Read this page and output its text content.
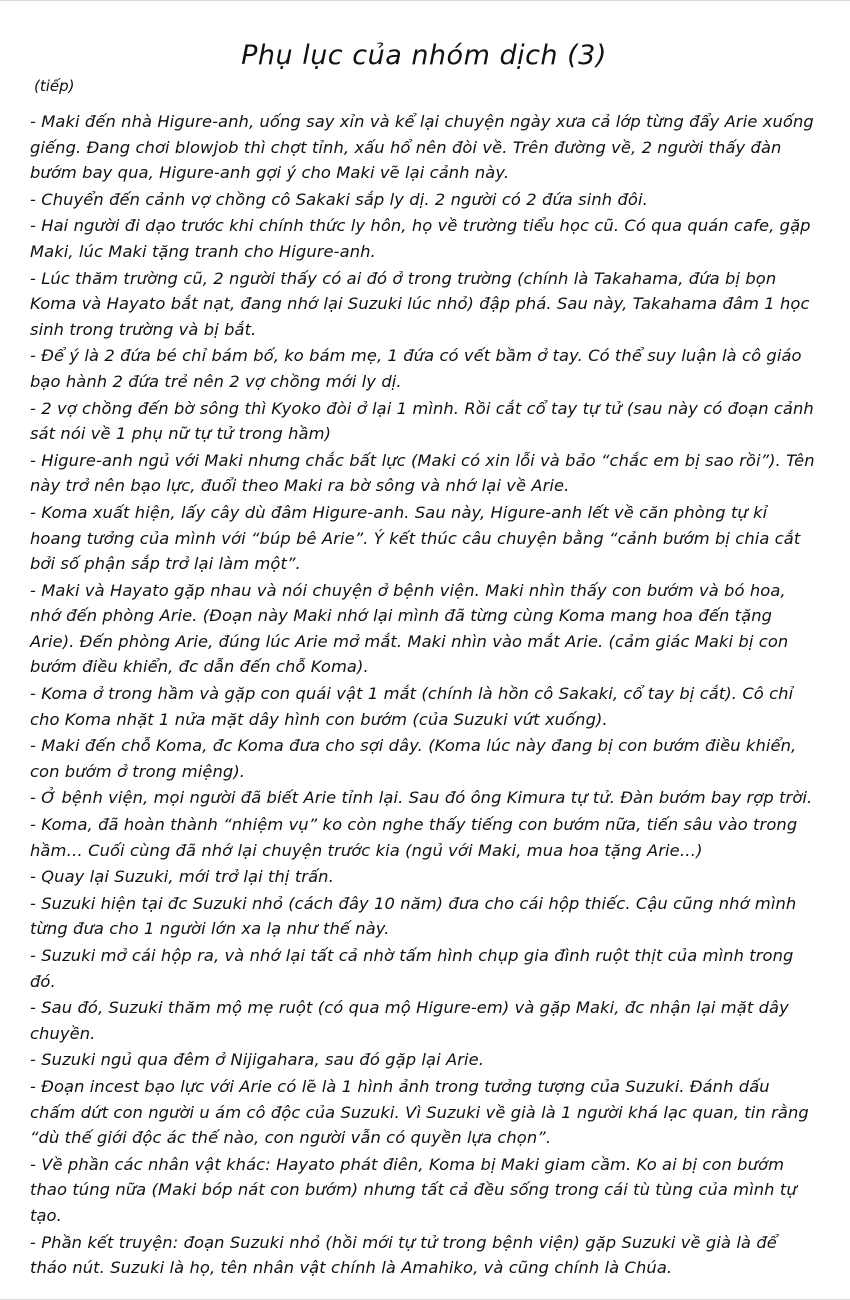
Phụ lục của nhóm dịch (3)
(tiếp)

- Maki đến nhà Higure-anh, uống say xỉn và kể lại chuyện ngày xưa cả lớp từng đẩy Arie xuống giếng. Đang chơi blowjob thì chợt tỉnh, xấu hổ nên đòi về. Trên đường về, 2 người thấy đàn bướm bay qua, Higure-anh gợi ý cho Maki vẽ lại cảnh này.

- Chuyển đến cảnh vợ chồng cô Sakaki sắp ly dị. 2 người có 2 đứa sinh đôi.

- Hai người đi dạo trước khi chính thức ly hôn, họ về trường tiểu học cũ. Có qua quán cafe, gặp Maki, lúc Maki tặng tranh cho Higure-anh.

- Lúc thăm trường cũ, 2 người thấy có ai đó ở trong trường (chính là Takahama, đứa bị bọn Koma và Hayato bắt nạt, đang nhớ lại Suzuki lúc nhỏ) đập phá. Sau này, Takahama đâm 1 học sinh trong trường và bị bắt.

- Để ý là 2 đứa bé chỉ bám bố, ko bám mẹ, 1 đứa có vết bầm ở tay. Có thể suy luận là cô giáo bạo hành 2 đứa trẻ nên 2 vợ chồng mới ly dị.

- 2 vợ chồng đến bờ sông thì Kyoko đòi ở lại 1 mình. Rồi cắt cổ tay tự tử (sau này có đoạn cảnh sát nói về 1 phụ nữ tự tử trong hầm)

- Higure-anh ngủ với Maki nhưng chắc bất lực (Maki có xin lỗi và bảo “chắc em bị sao rồi”). Tên này trở nên bạo lực, đuổi theo Maki ra bờ sông và nhớ lại về Arie.

- Koma xuất hiện, lấy cây dù đâm Higure-anh. Sau này, Higure-anh lết về căn phòng tự kỉ hoang tưởng của mình với “búp bê Arie”. Ý kết thúc câu chuyện bằng “cảnh bướm bị chia cắt bởi số phận sắp trở lại làm một”.

- Maki và Hayato gặp nhau và nói chuyện ở bệnh viện. Maki nhìn thấy con bướm và bó hoa, nhớ đến phòng Arie. (Đoạn này Maki nhớ lại mình đã từng cùng Koma mang hoa đến tặng Arie). Đến phòng Arie, đúng lúc Arie mở mắt. Maki nhìn vào mắt Arie. (cảm giác Maki bị con bướm điều khiển, đc dẫn đến chỗ Koma).

- Koma ở trong hầm và gặp con quái vật 1 mắt (chính là hồn cô Sakaki, cổ tay bị cắt). Cô chỉ cho Koma nhặt 1 nửa mặt dây hình con bướm (của Suzuki vứt xuống).

- Maki đến chỗ Koma, đc Koma đưa cho sợi dây. (Koma lúc này đang bị con bướm điều khiển, con bướm ở trong miệng).

- Ở bệnh viện, mọi người đã biết Arie tỉnh lại. Sau đó ông Kimura tự tử. Đàn bướm bay rợp trời.

- Koma, đã hoàn thành “nhiệm vụ” ko còn nghe thấy tiếng con bướm nữa, tiến sâu vào trong hầm… Cuối cùng đã nhớ lại chuyện trước kia (ngủ với Maki, mua hoa tặng Arie…)

- Quay lại Suzuki, mới trở lại thị trấn.

- Suzuki hiện tại đc Suzuki nhỏ (cách đây 10 năm) đưa cho cái hộp thiếc. Cậu cũng nhớ mình từng đưa cho 1 người lớn xa lạ như thế này.

- Suzuki mở cái hộp ra, và nhớ lại tất cả nhờ tấm hình chụp gia đình ruột thịt của mình trong đó.

- Sau đó, Suzuki thăm mộ mẹ ruột (có qua mộ Higure-em) và gặp Maki, đc nhận lại mặt dây chuyền.

- Suzuki ngủ qua đêm ở Nijigahara, sau đó gặp lại Arie.

- Đoạn incest bạo lực với Arie có lẽ là 1 hình ảnh trong tưởng tượng của Suzuki. Đánh dấu chấm dứt con người u ám cô độc của Suzuki. Vì Suzuki về già là 1 người khá lạc quan, tin rằng “dù thế giới độc ác thế nào, con người vẫn có quyền lựa chọn”.

- Về phần các nhân vật khác: Hayato phát điên, Koma bị Maki giam cầm. Ko ai bị con bướm thao túng nữa (Maki bóp nát con bướm) nhưng tất cả đều sống trong cái tù tùng của mình tự tạo.

- Phần kết truyện: đoạn Suzuki nhỏ (hồi mới tự tử trong bệnh viện) gặp Suzuki về già là để tháo nút. Suzuki là họ, tên nhân vật chính là Amahiko, và cũng chính là Chúa.
